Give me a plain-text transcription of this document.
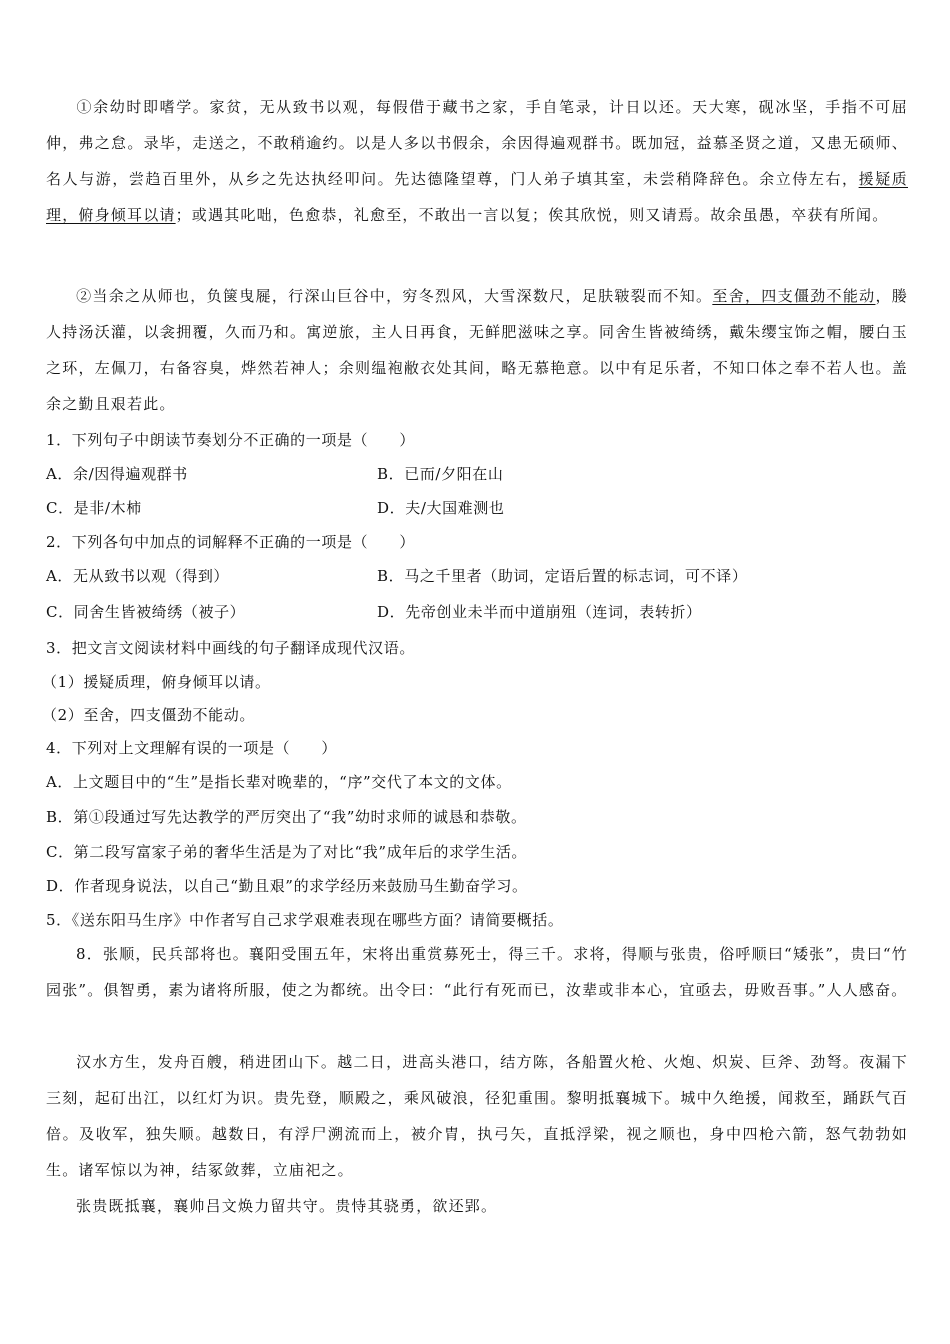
①余幼时即嗜学。家贫，无从致书以观，每假借于藏书之家，手自笔录，计日以还。天大寒，砚冰坚，手指不可屈伸，弗之怠。录毕，走送之，不敢稍逾约。以是人多以书假余，余因得遍观群书。既加冠，益慕圣贤之道，又患无硕师、名人与游，尝趋百里外，从乡之先达执经叩问。先达德隆望尊，门人弟子填其室，未尝稍降辞色。余立侍左右，援疑质理，俯身倾耳以请；或遇其叱咄，色愈恭，礼愈至，不敢出一言以复；俟其欣悦，则又请焉。故余虽愚，卒获有所闻。

②当余之从师也，负箧曳屣，行深山巨谷中，穷冬烈风，大雪深数尺，足肤皲裂而不知。至舍，四支僵劲不能动，媵人持汤沃灌，以衾拥覆，久而乃和。寓逆旅，主人日再食，无鲜肥滋味之享。同舍生皆被绮绣，戴朱缨宝饰之帽，腰白玉之环，左佩刀，右备容臭，烨然若神人；余则缊袍敝衣处其间，略无慕艳意。以中有足乐者，不知口体之奉不若人也。盖余之勤且艰若此。

1．下列句子中朗读节奏划分不正确的一项是（　　）
A．余/因得遍观群书	B．已而/夕阳在山
C．是非/木柿	D．夫/大国难测也
2．下列各句中加点的词解释不正确的一项是（　　）
A．无从致书以观（得到）	B．马之千里者（助词，定语后置的标志词，可不译）
C．同舍生皆被绮绣（被子）	D．先帝创业未半而中道崩殂（连词，表转折）
3．把文言文阅读材料中画线的句子翻译成现代汉语。
（1）援疑质理，俯身倾耳以请。
（2）至舍，四支僵劲不能动。
4．下列对上文理解有误的一项是（　　）
A．上文题目中的“生”是指长辈对晚辈的，“序”交代了本文的文体。
B．第①段通过写先达教学的严厉突出了“我”幼时求师的诚恳和恭敬。
C．第二段写富家子弟的奢华生活是为了对比“我”成年后的求学生活。
D．作者现身说法，以自己“勤且艰”的求学经历来鼓励马生勤奋学习。
5．《送东阳马生序》中作者写自己求学艰难表现在哪些方面？请简要概括。

8．张顺，民兵部将也。襄阳受围五年，宋将出重赏募死士，得三千。求将，得顺与张贵，俗呼顺曰“矮张”，贵曰“竹园张”。俱智勇，素为诸将所服，使之为都统。出令曰：“此行有死而已，汝辈或非本心，宜亟去，毋败吾事。”人人感奋。

汉水方生，发舟百艘，稍进团山下。越二日，进高头港口，结方陈，各船置火枪、火炮、炽炭、巨斧、劲弩。夜漏下三刻，起矴出江，以红灯为识。贵先登，顺殿之，乘风破浪，径犯重围。黎明抵襄城下。城中久绝援，闻救至，踊跃气百倍。及收军，独失顺。越数日，有浮尸溯流而上，被介胄，执弓矢，直抵浮梁，视之顺也，身中四枪六箭，怒气勃勃如生。诸军惊以为神，结冢敛葬，立庙祀之。

张贵既抵襄，襄帅吕文焕力留共守。贵恃其骁勇，欲还郢。
